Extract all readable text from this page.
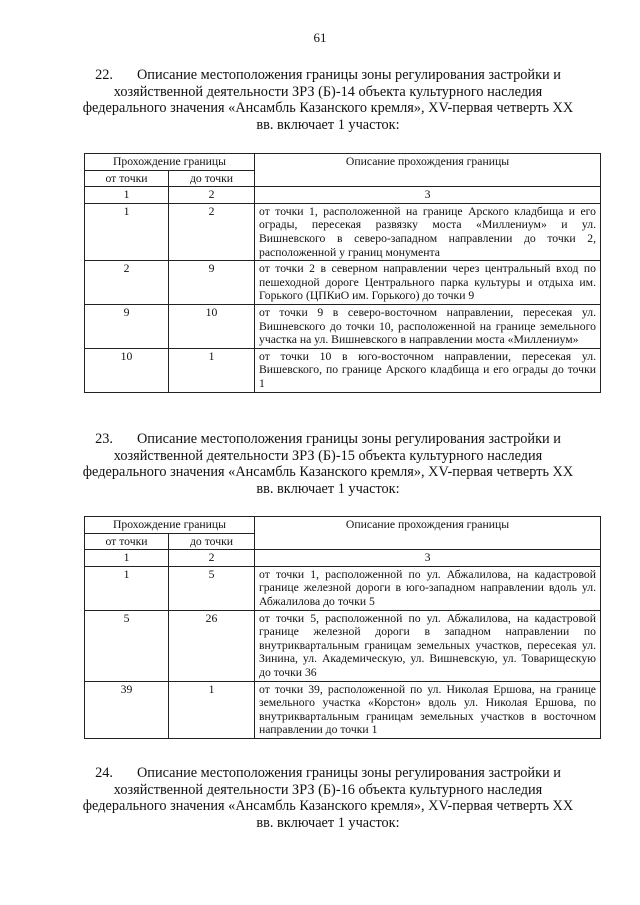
61
22. Описание местоположения границы зоны регулирования застройки и хозяйственной деятельности ЗРЗ (Б)-14 объекта культурного наследия федерального значения «Ансамбль Казанского кремля», XV-первая четверть XX вв. включает 1 участок:
Прохождение границы		Описание прохождения границы
от точки	до точки	
1	2	3
1	2	от точки 1, расположенной на границе Арского кладбища и его ограды, пересекая развязку моста «Миллениум» и ул. Вишневского в северо-западном направлении до точки 2, расположенной у границ монумента
2	9	от точки 2 в северном направлении через центральный вход по пешеходной дороге Центрального парка культуры и отдыха им. Горького (ЦПКиО им. Горького) до точки 9
9	10	от точки 9 в северо-восточном направлении, пересекая ул. Вишневского до точки 10, расположенной на границе земельного участка на ул. Вишневского в направлении моста «Миллениум»
10	1	от точки 10 в юго-восточном направлении, пересекая ул. Вишевского, по границе Арского кладбища и его ограды до точки 1
23. Описание местоположения границы зоны регулирования застройки и хозяйственной деятельности ЗРЗ (Б)-15 объекта культурного наследия федерального значения «Ансамбль Казанского кремля», XV-первая четверть XX вв. включает 1 участок:
Прохождение границы		Описание прохождения границы
от точки	до точки	
1	2	3
1	5	от точки 1, расположенной по ул. Абжалилова, на кадастровой границе железной дороги в юго-западном направлении вдоль ул. Абжалилова до точки 5
5	26	от точки 5, расположенной по ул. Абжалилова, на кадастровой границе железной дороги в западном направлении по внутриквартальным границам земельных участков, пересекая ул. Зинина, ул. Академическую, ул. Вишневскую, ул. Товарищескую до точки 36
39	1	от точки 39, расположенной по ул. Николая Ершова, на границе земельного участка «Корстон» вдоль ул. Николая Ершова, по внутриквартальным границам земельных участков в восточном направлении до точки 1
24. Описание местоположения границы зоны регулирования застройки и хозяйственной деятельности ЗРЗ (Б)-16 объекта культурного наследия федерального значения «Ансамбль Казанского кремля», XV-первая четверть XX вв. включает 1 участок:
